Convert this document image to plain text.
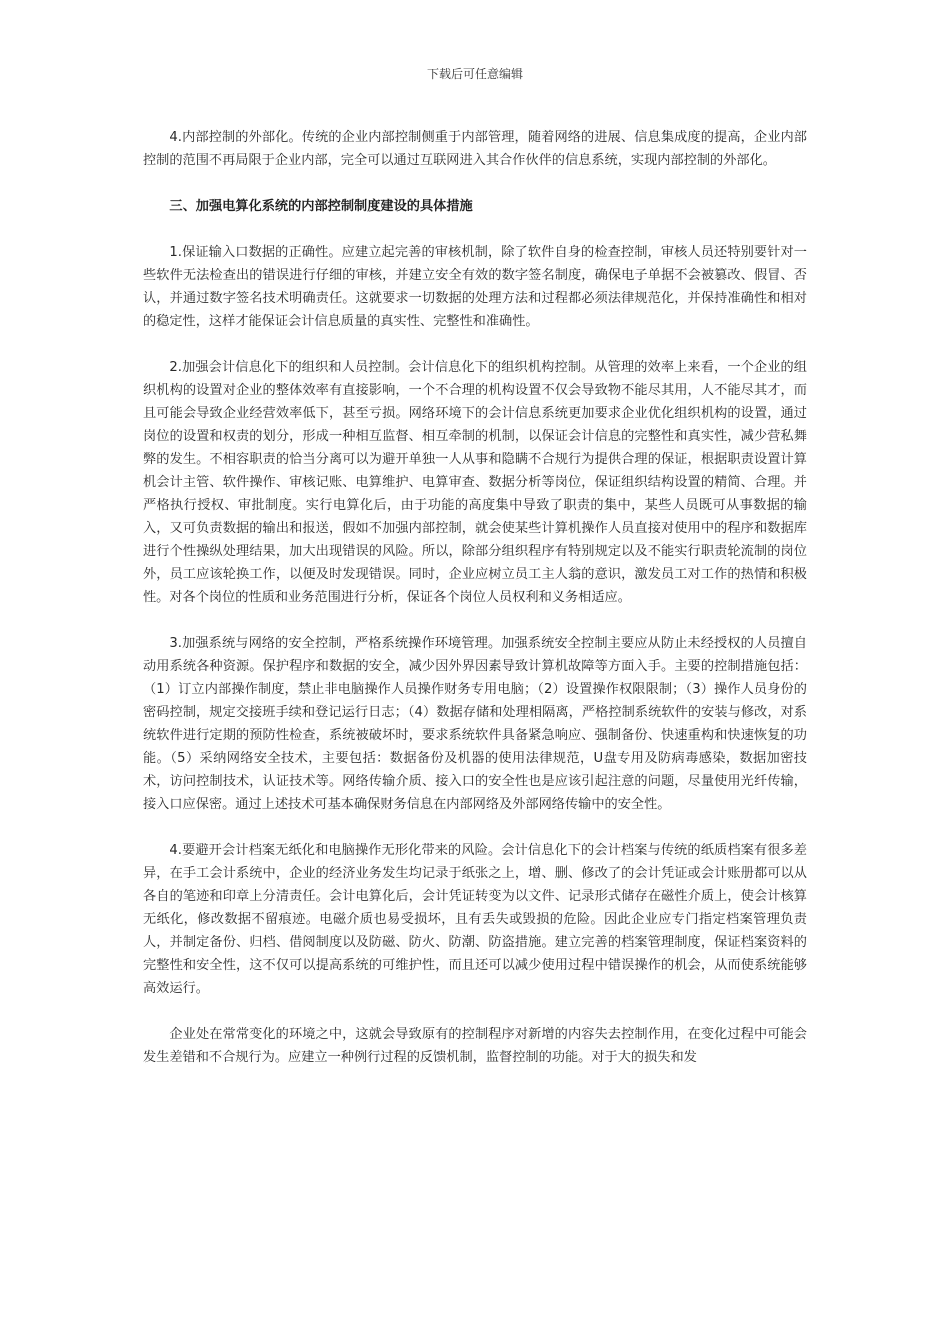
下载后可任意编辑

4.内部控制的外部化。传统的企业内部控制侧重于内部管理，随着网络的进展、信息集成度的提高，企业内部控制的范围不再局限于企业内部，完全可以通过互联网进入其合作伙伴的信息系统，实现内部控制的外部化。

三、加强电算化系统的内部控制制度建设的具体措施

1.保证输入口数据的正确性。应建立起完善的审核机制，除了软件自身的检查控制，审核人员还特别要针对一些软件无法检查出的错误进行仔细的审核，并建立安全有效的数字签名制度，确保电子单据不会被篡改、假冒、否认，并通过数字签名技术明确责任。这就要求一切数据的处理方法和过程都必须法律规范化，并保持准确性和相对的稳定性，这样才能保证会计信息质量的真实性、完整性和准确性。

2.加强会计信息化下的组织和人员控制。会计信息化下的组织机构控制。从管理的效率上来看，一个企业的组织机构的设置对企业的整体效率有直接影响，一个不合理的机构设置不仅会导致物不能尽其用，人不能尽其才，而且可能会导致企业经营效率低下，甚至亏损。网络环境下的会计信息系统更加要求企业优化组织机构的设置，通过岗位的设置和权责的划分，形成一种相互监督、相互牵制的机制，以保证会计信息的完整性和真实性，减少营私舞弊的发生。不相容职责的恰当分离可以为避开单独一人从事和隐瞒不合规行为提供合理的保证，根据职责设置计算机会计主管、软件操作、审核记账、电算维护、电算审查、数据分析等岗位，保证组织结构设置的精简、合理。并严格执行授权、审批制度。实行电算化后，由于功能的高度集中导致了职责的集中，某些人员既可从事数据的输入，又可负责数据的输出和报送，假如不加强内部控制，就会使某些计算机操作人员直接对使用中的程序和数据库进行个性操纵处理结果，加大出现错误的风险。所以，除部分组织程序有特别规定以及不能实行职责轮流制的岗位外，员工应该轮换工作，以便及时发现错误。同时，企业应树立员工主人翁的意识，激发员工对工作的热情和积极性。对各个岗位的性质和业务范围进行分析，保证各个岗位人员权利和义务相适应。

3.加强系统与网络的安全控制，严格系统操作环境管理。加强系统安全控制主要应从防止未经授权的人员擅自动用系统各种资源。保护程序和数据的安全，减少因外界因素导致计算机故障等方面入手。主要的控制措施包括：（1）订立内部操作制度，禁止非电脑操作人员操作财务专用电脑；（2）设置操作权限限制；（3）操作人员身份的密码控制，规定交接班手续和登记运行日志；（4）数据存储和处理相隔离，严格控制系统软件的安装与修改，对系统软件进行定期的预防性检查，系统被破坏时，要求系统软件具备紧急响应、强制备份、快速重构和快速恢复的功能。（5）采纳网络安全技术，主要包括：数据备份及机器的使用法律规范，U盘专用及防病毒感染，数据加密技术，访问控制技术，认证技术等。网络传输介质、接入口的安全性也是应该引起注意的问题，尽量使用光纤传输，接入口应保密。通过上述技术可基本确保财务信息在内部网络及外部网络传输中的安全性。

4.要避开会计档案无纸化和电脑操作无形化带来的风险。会计信息化下的会计档案与传统的纸质档案有很多差异，在手工会计系统中，企业的经济业务发生均记录于纸张之上，增、删、修改了的会计凭证或会计账册都可以从各自的笔迹和印章上分清责任。会计电算化后，会计凭证转变为以文件、记录形式储存在磁性介质上，使会计核算无纸化，修改数据不留痕迹。电磁介质也易受损坏，且有丢失或毁损的危险。因此企业应专门指定档案管理负责人，并制定备份、归档、借阅制度以及防磁、防火、防潮、防盗措施。建立完善的档案管理制度，保证档案资料的完整性和安全性，这不仅可以提高系统的可维护性，而且还可以减少使用过程中错误操作的机会，从而使系统能够高效运行。

企业处在常常变化的环境之中，这就会导致原有的控制程序对新增的内容失去控制作用，在变化过程中可能会发生差错和不合规行为。应建立一种例行过程的反馈机制，监督控制的功能。对于大的损失和发
